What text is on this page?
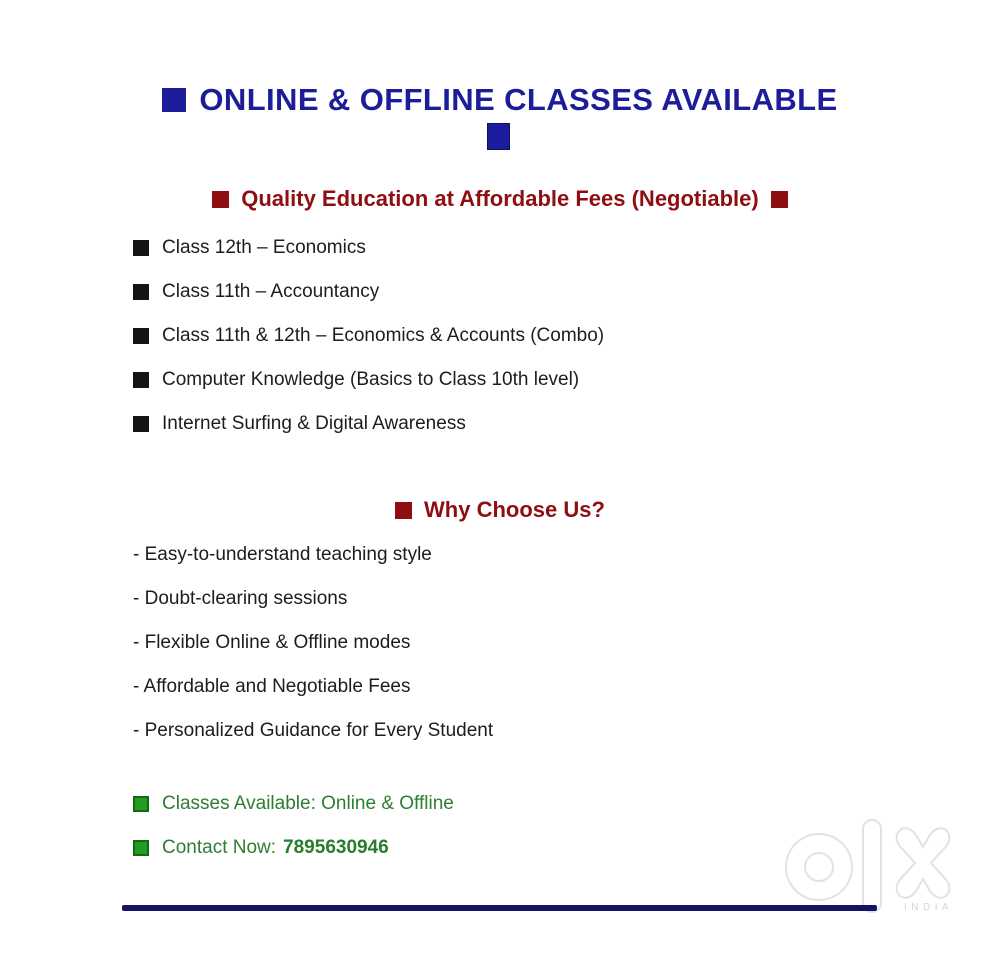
ONLINE & OFFLINE CLASSES AVAILABLE
Quality Education at Affordable Fees (Negotiable)
Class 12th – Economics
Class 11th – Accountancy
Class 11th & 12th – Economics & Accounts (Combo)
Computer Knowledge (Basics to Class 10th level)
Internet Surfing & Digital Awareness
Why Choose Us?
- Easy-to-understand teaching style
- Doubt-clearing sessions
- Flexible Online & Offline modes
- Affordable and Negotiable Fees
- Personalized Guidance for Every Student
Classes Available: Online & Offline
Contact Now: 7895630946
INDIA
